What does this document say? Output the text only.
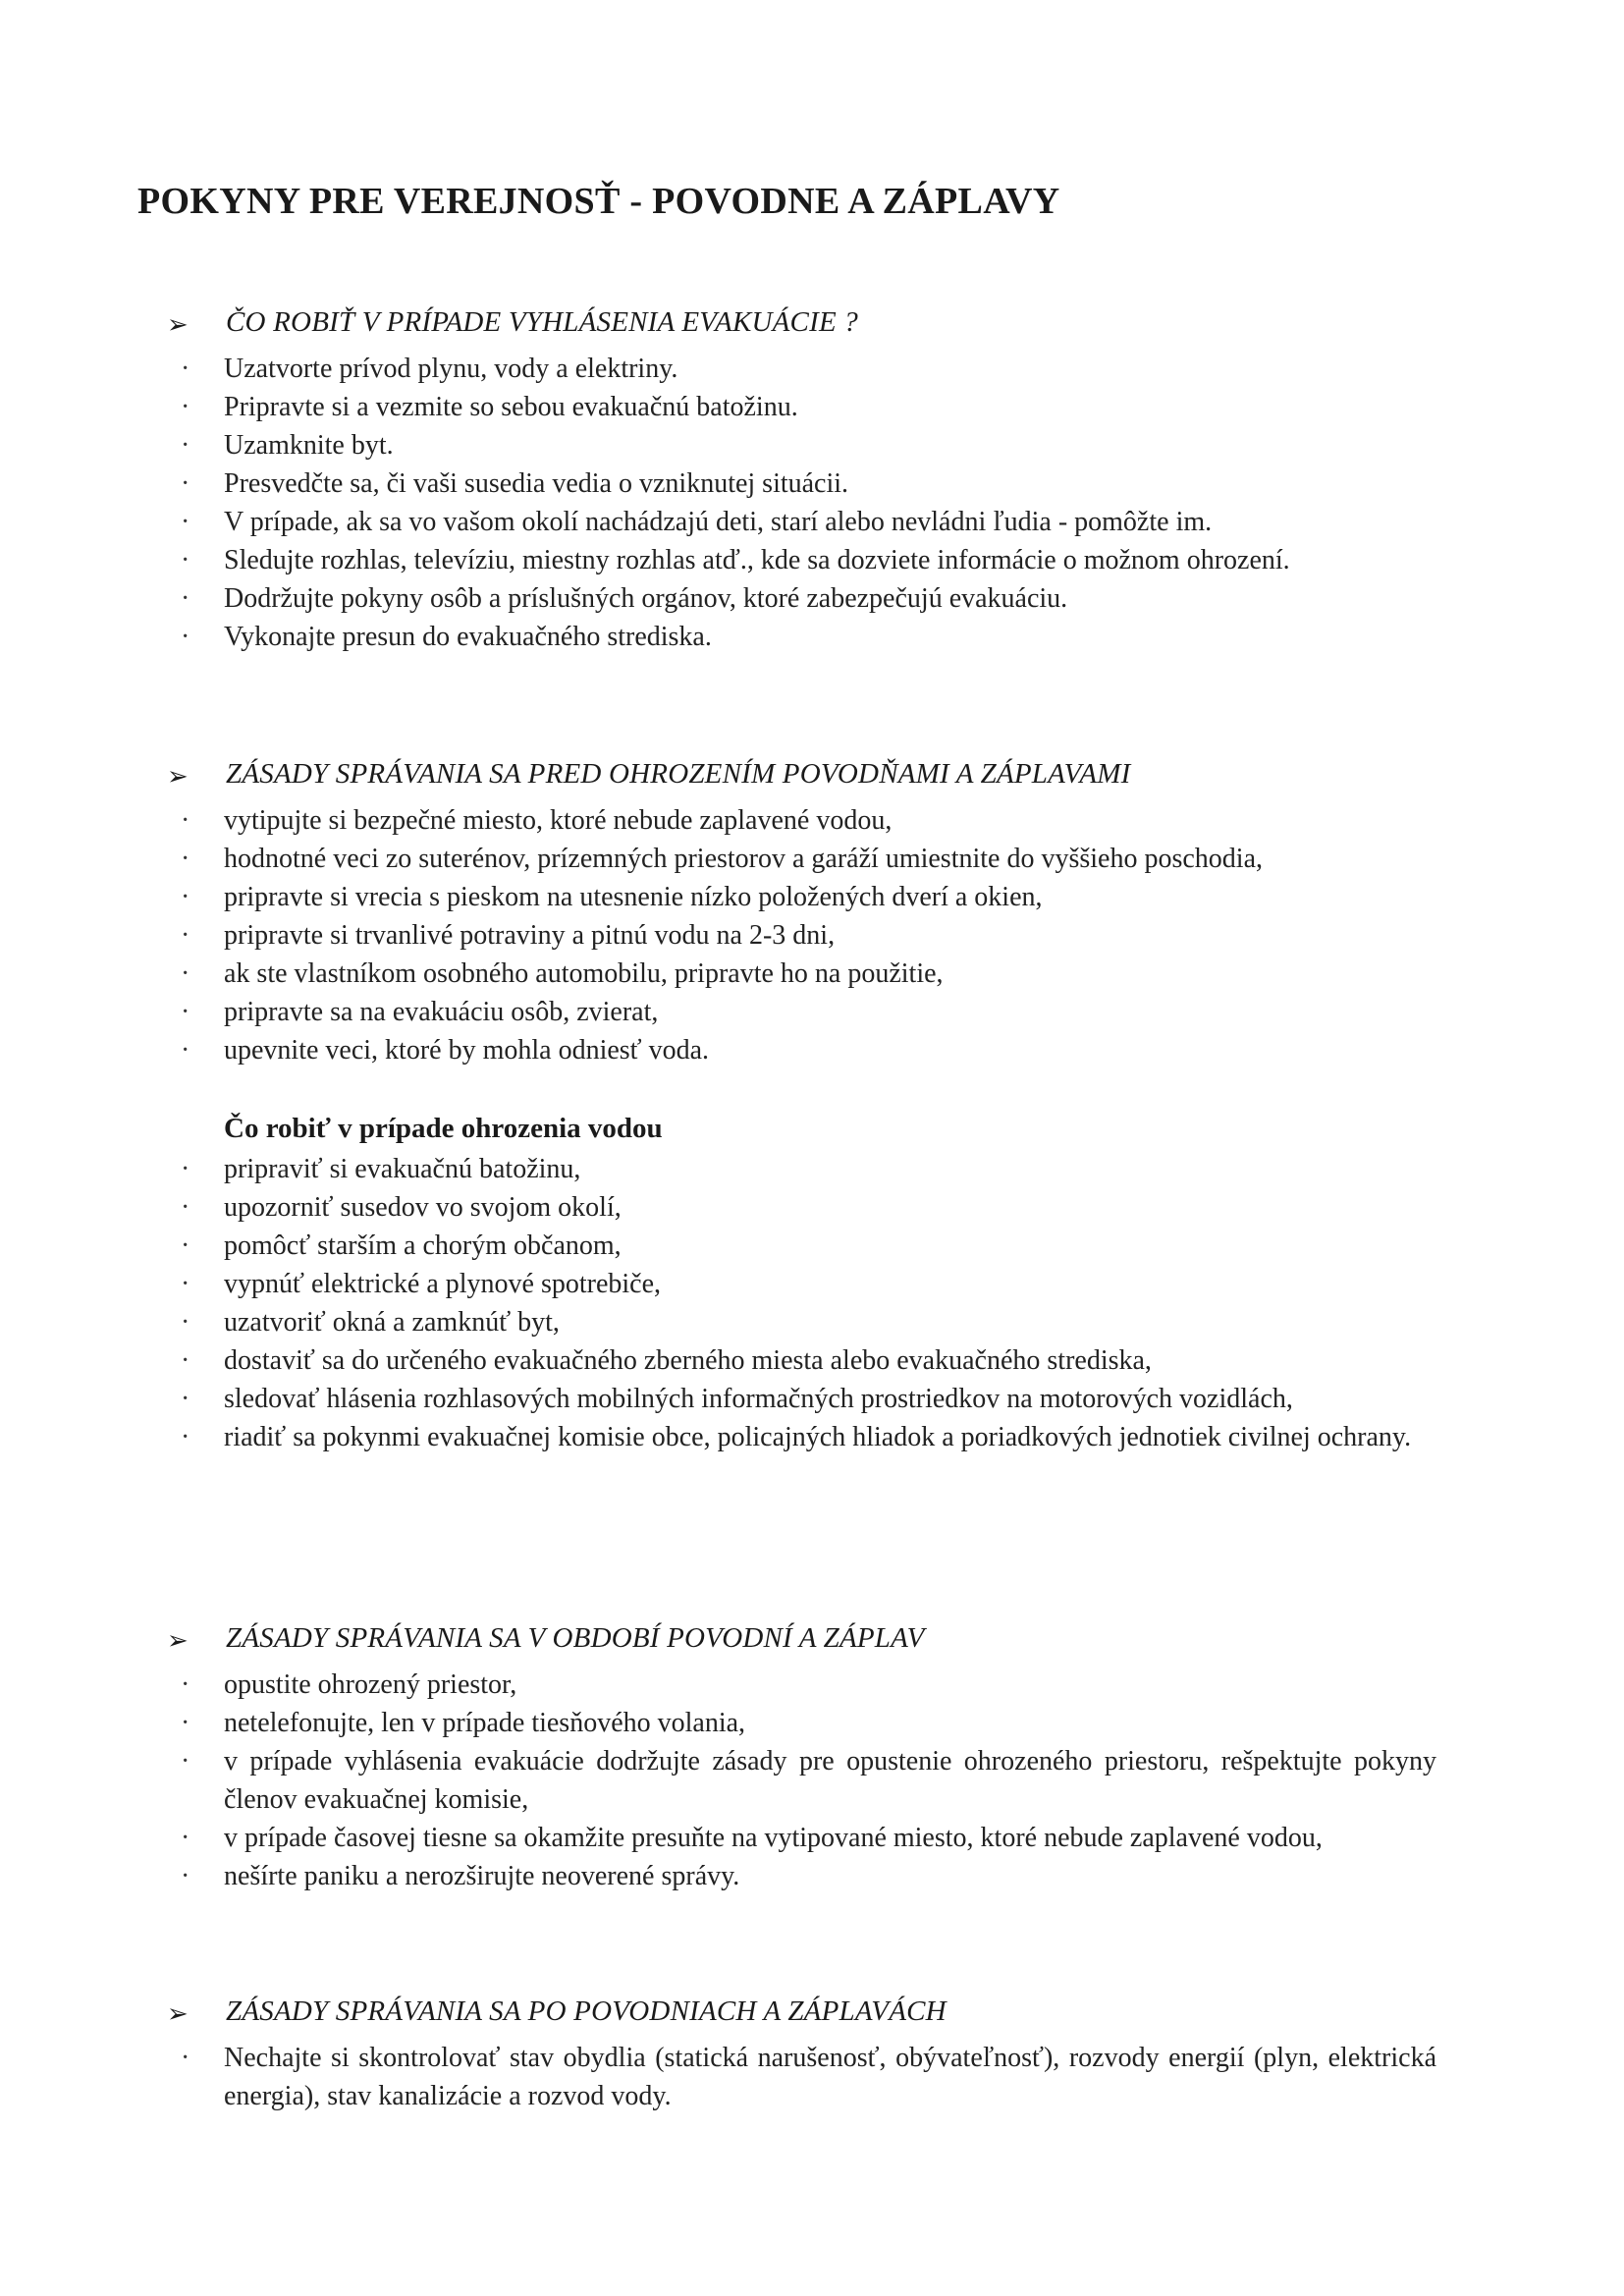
POKYNY PRE VEREJNOSŤ - POVODNE A ZÁPLAVY
➢ ČO ROBIŤ V PRÍPADE VYHLÁSENIA EVAKUÁCIE ?
· Uzatvorte prívod plynu, vody a elektriny.
· Pripravte si a vezmite so sebou evakuačnú batožinu.
· Uzamknite byt.
· Presvedčte sa, či vaši susedia vedia o vzniknutej situácii.
· V prípade, ak sa vo vašom okolí nachádzajú deti, starí alebo nevládni ľudia - pomôžte im.
· Sledujte rozhlas, televíziu, miestny rozhlas atď., kde sa dozviete informácie o možnom ohrození.
· Dodržujte pokyny osôb a príslušných orgánov, ktoré zabezpečujú evakuáciu.
· Vykonajte presun do evakuačného strediska.
➢ ZÁSADY SPRÁVANIA SA PRED OHROZENÍM POVODŇAMI A ZÁPLAVAMI
· vytipujte si bezpečné miesto, ktoré nebude zaplavené vodou,
· hodnotné veci zo suterénov, prízemných priestorov a garáží umiestnite do vyššieho poschodia,
· pripravte si vrecia s pieskom na utesnenie nízko položených dverí a okien,
· pripravte si trvanlivé potraviny a pitnú vodu na 2-3 dni,
· ak ste vlastníkom osobného automobilu, pripravte ho na použitie,
· pripravte sa na evakuáciu osôb, zvierat,
· upevnite veci, ktoré by mohla odniesť voda.
Čo robiť v prípade ohrozenia vodou
· pripraviť si evakuačnú batožinu,
· upozorniť susedov vo svojom okolí,
· pomôcť starším a chorým občanom,
· vypnúť elektrické a plynové spotrebiče,
· uzatvoriť okná a zamknúť byt,
· dostaviť sa do určeného evakuačného zberného miesta alebo evakuačného strediska,
· sledovať hlásenia rozhlasových mobilných informačných prostriedkov na motorových vozidlách,
· riadiť sa pokynmi evakuačnej komisie obce, policajných hliadok a poriadkových jednotiek civilnej ochrany.
➢ ZÁSADY SPRÁVANIA SA V OBDOBÍ POVODNÍ A ZÁPLAV
· opustite ohrozený priestor,
· netelefonujte, len v prípade tiesňového volania,
· v prípade vyhlásenia evakuácie dodržujte zásady pre opustenie ohrozeného priestoru, rešpektujte pokyny členov evakuačnej komisie,
· v prípade časovej tiesne sa okamžite presuňte na vytipované miesto, ktoré nebude zaplavené vodou,
· nešírte paniku a nerozširujte neoverené správy.
➢ ZÁSADY SPRÁVANIA SA PO POVODNIACH A ZÁPLAVÁCH
· Nechajte si skontrolovať stav obydlia (statická narušenosť, obývateľnosť), rozvody energií (plyn, elektrická energia), stav kanalizácie a rozvod vody.
